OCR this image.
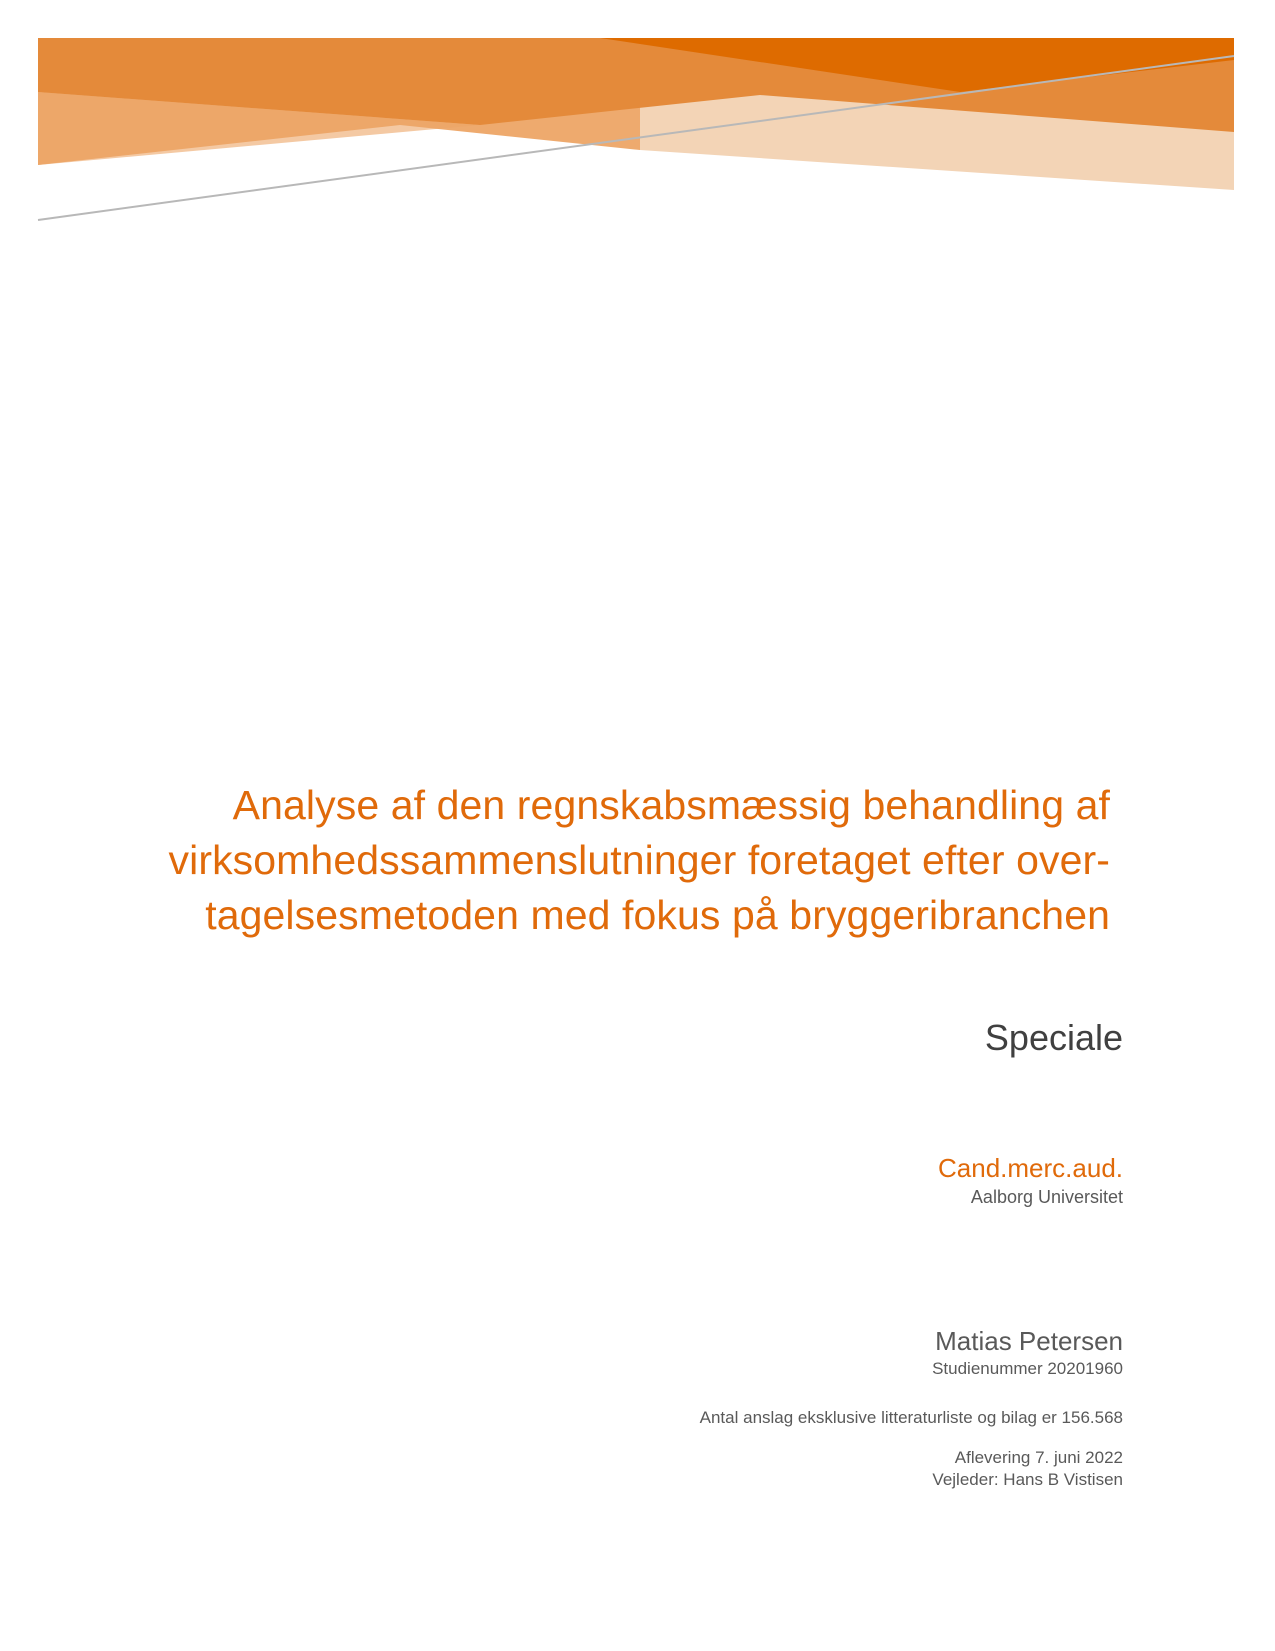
Analyse af den regnskabsmæssig behandling af
virksomhedssammenslutninger foretaget efter over-
tagelsesmetoden med fokus på bryggeribranchen
Speciale
Cand.merc.aud.
Aalborg Universitet
Matias Petersen
Studienummer 20201960
Antal anslag eksklusive litteraturliste og bilag er 156.568
Aflevering 7. juni 2022
Vejleder: Hans B Vistisen
